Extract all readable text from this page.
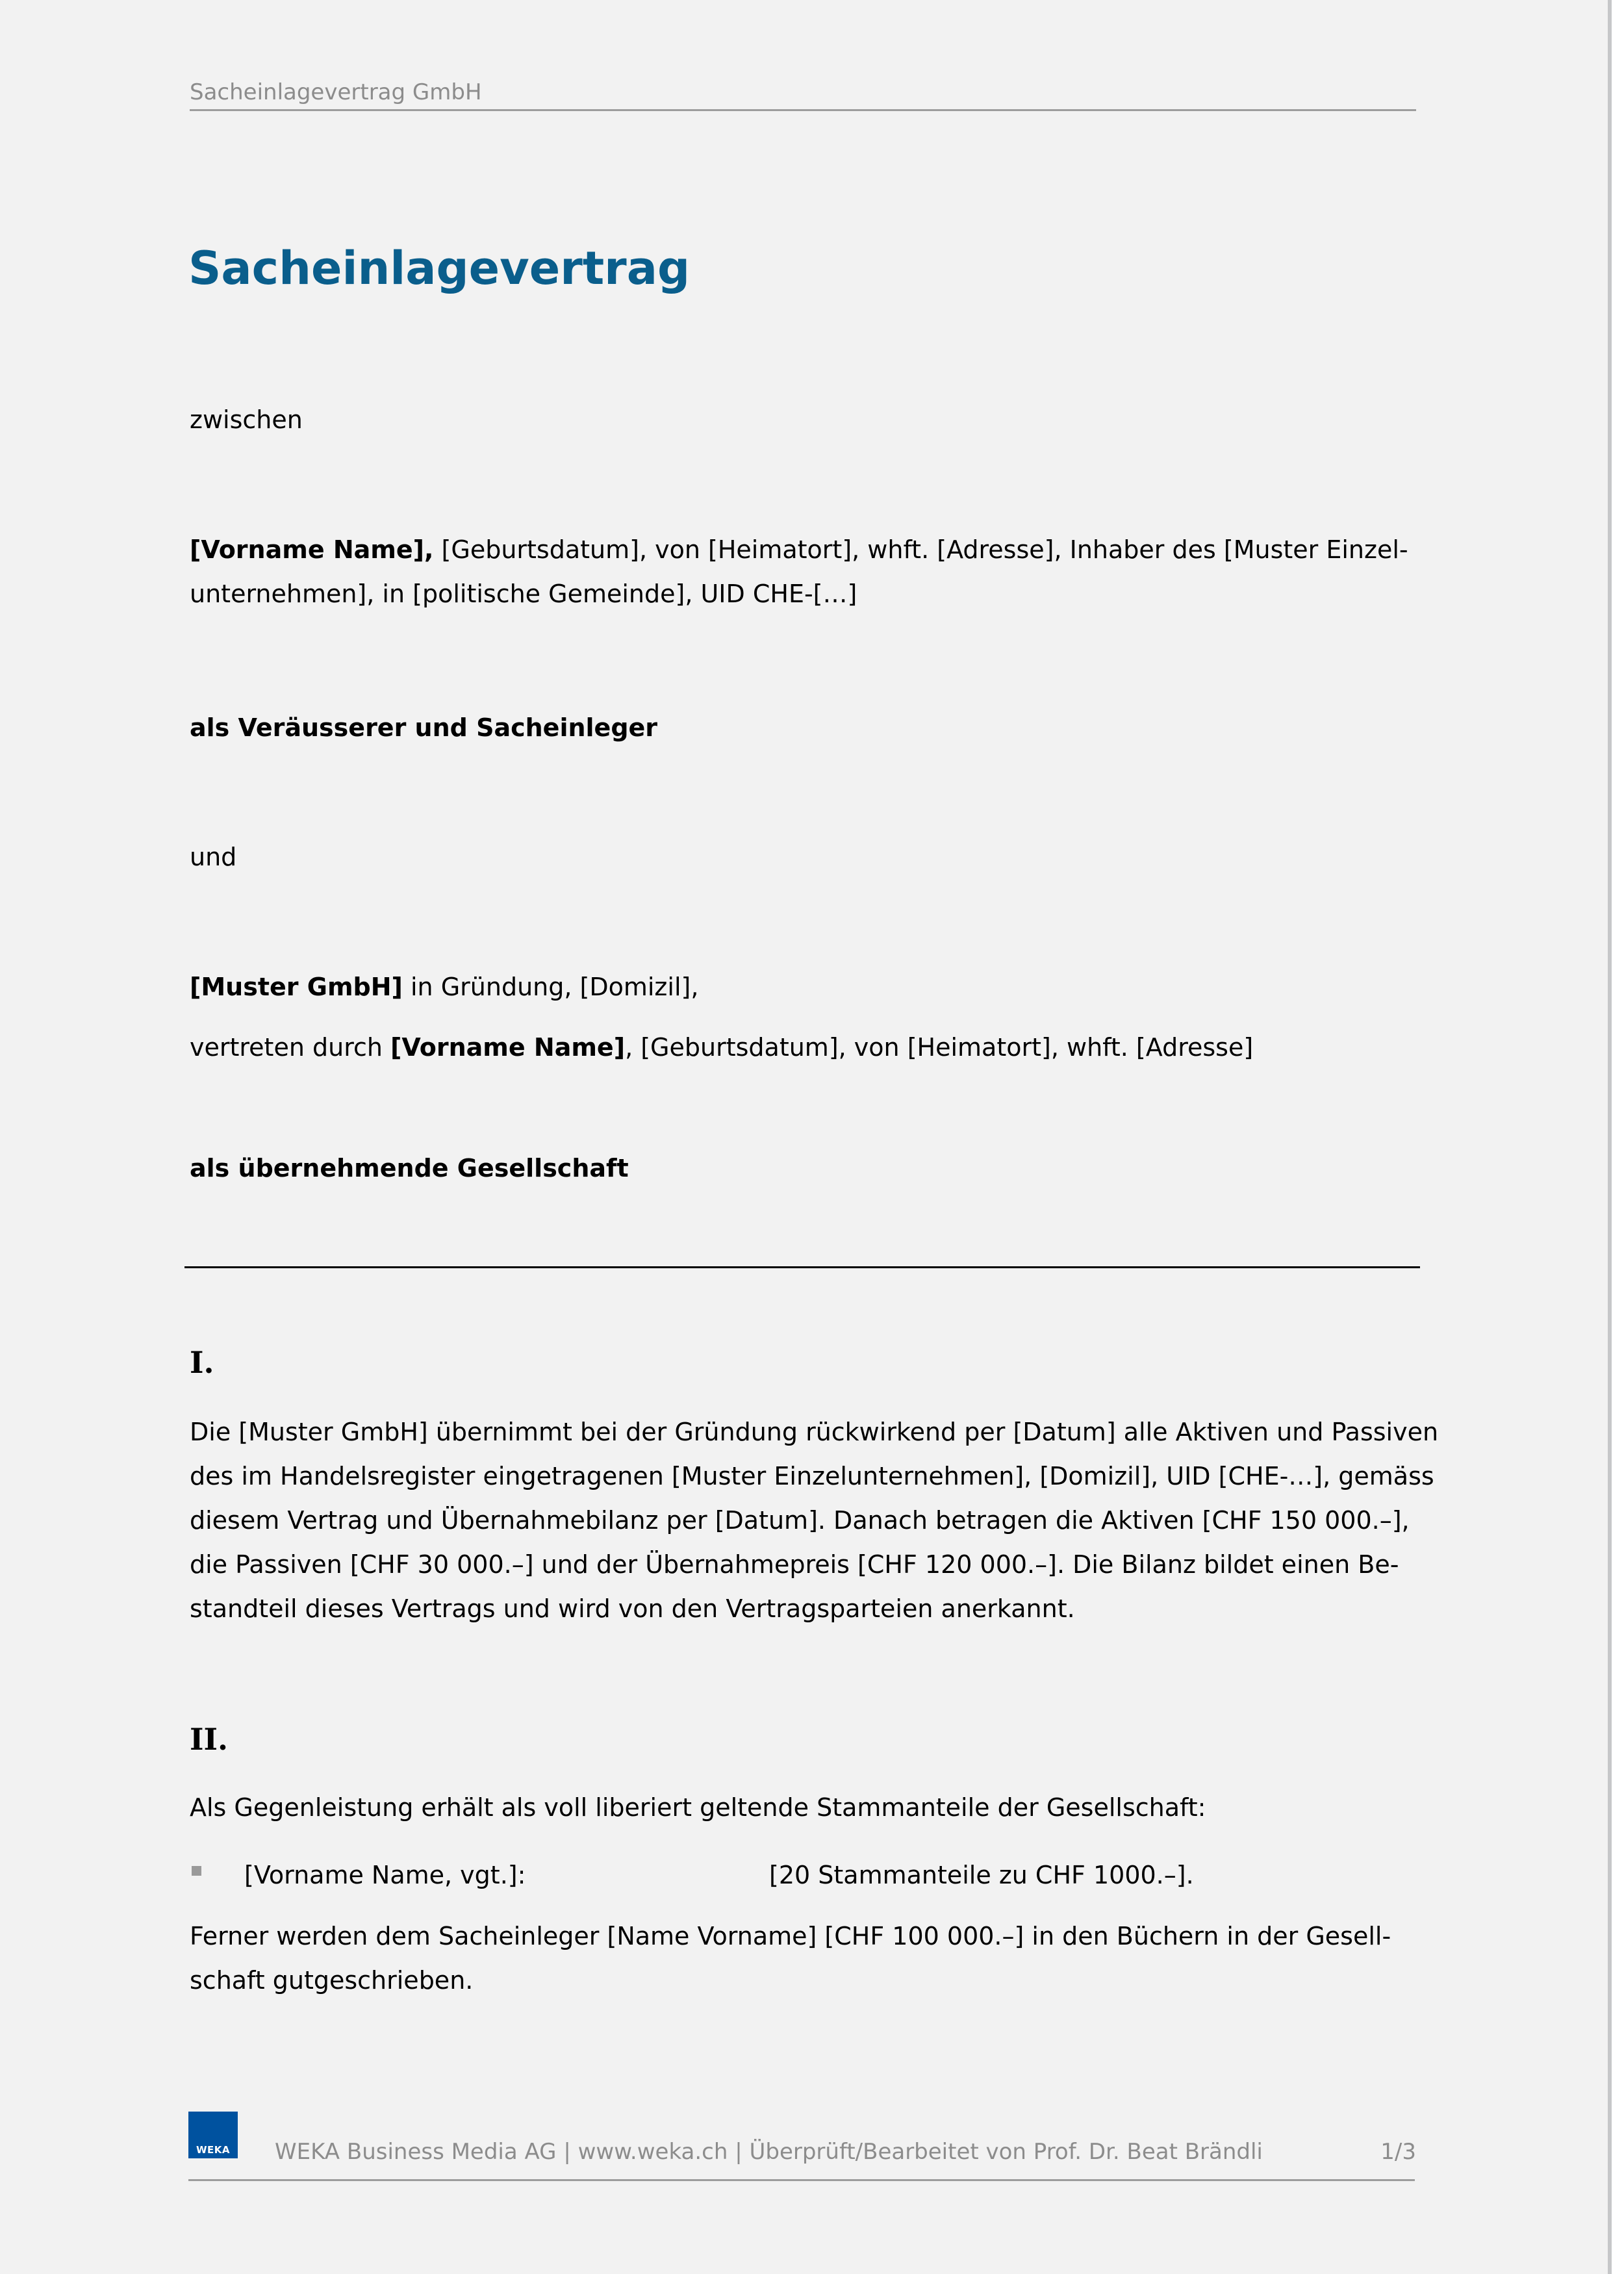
Sacheinlagevertrag GmbH
Sacheinlagevertrag
zwischen
[Vorname Name], [Geburtsdatum], von [Heimatort], whft. [Adresse], Inhaber des [Muster Einzel-
unternehmen], in [politische Gemeinde], UID CHE-[…]
als Veräusserer und Sacheinleger
und
[Muster GmbH] in Gründung, [Domizil],
vertreten durch [Vorname Name], [Geburtsdatum], von [Heimatort], whft. [Adresse]
als übernehmende Gesellschaft
I.
Die [Muster GmbH] übernimmt bei der Gründung rückwirkend per [Datum] alle Aktiven und Passiven
des im Handelsregister eingetragenen [Muster Einzelunternehmen], [Domizil], UID [CHE-…], gemäss
diesem Vertrag und Übernahmebilanz per [Datum]. Danach betragen die Aktiven [CHF 150 000.–],
die Passiven [CHF 30 000.–] und der Übernahmepreis [CHF 120 000.–]. Die Bilanz bildet einen Be-
standteil dieses Vertrags und wird von den Vertragsparteien anerkannt.
II.
Als Gegenleistung erhält als voll liberiert geltende Stammanteile der Gesellschaft:
[Vorname Name, vgt.]:	[20 Stammanteile zu CHF 1000.–].
Ferner werden dem Sacheinleger [Name Vorname] [CHF 100 000.–] in den Büchern in der Gesell-
schaft gutgeschrieben.
WEKA	WEKA Business Media AG | www.weka.ch | Überprüft/Bearbeitet von Prof. Dr. Beat Brändli	1/3
